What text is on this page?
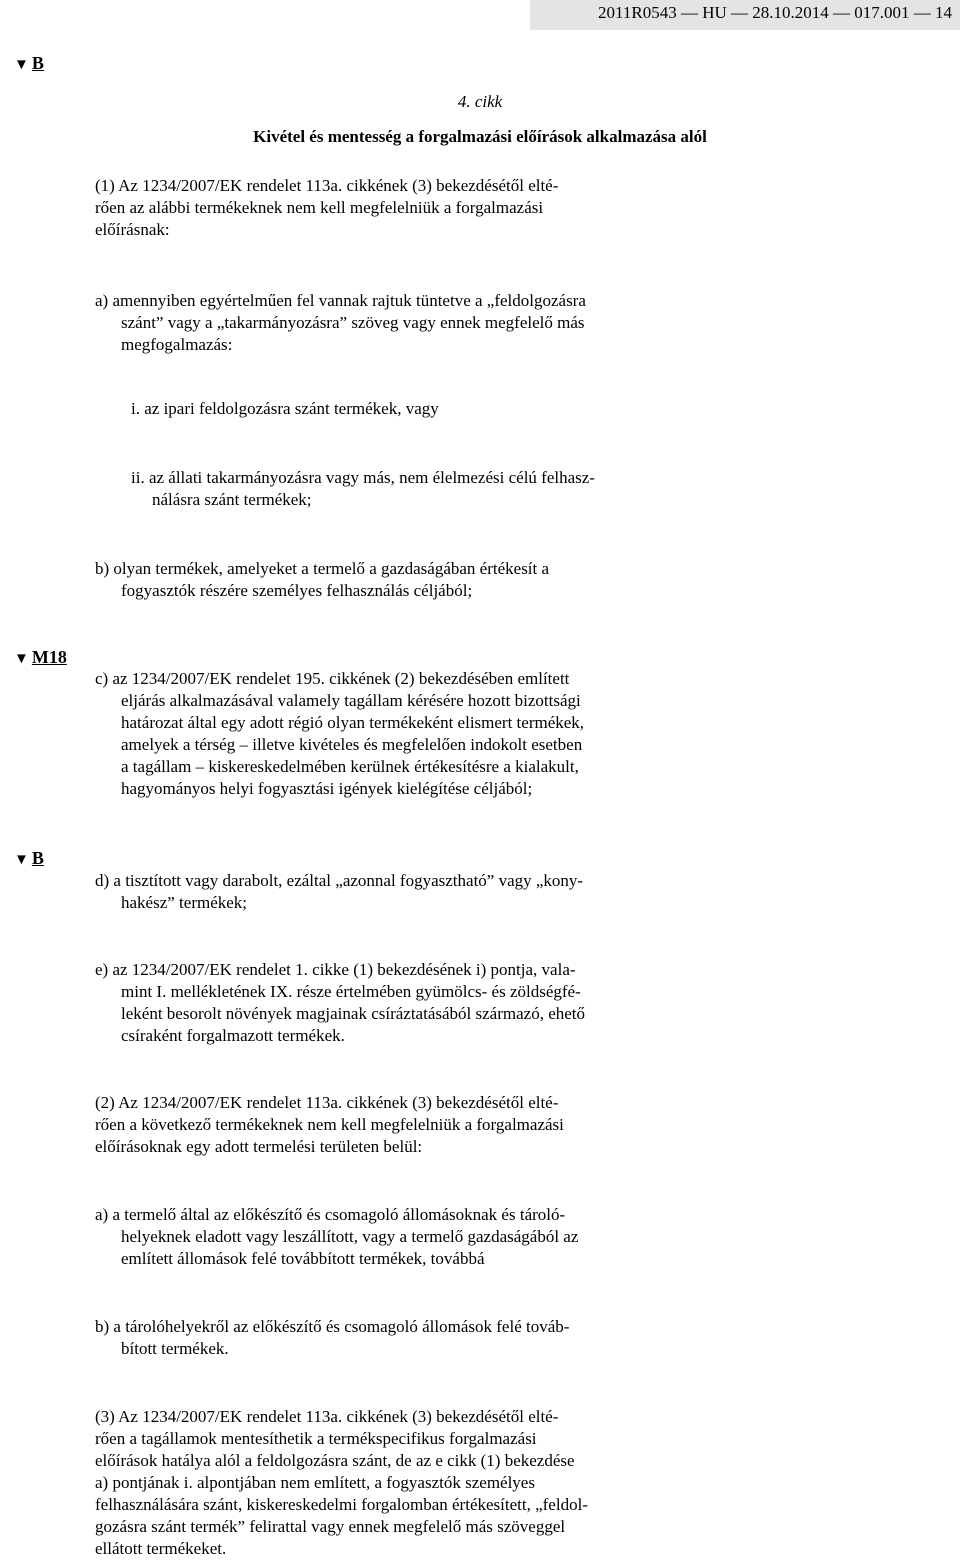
2011R0543 — HU — 28.10.2014 — 017.001 — 14
▼ B
4. cikk
Kivétel és mentesség a forgalmazási előírások alkalmazása alól
(1) Az 1234/2007/EK rendelet 113a. cikkének (3) bekezdésétől elté-
rően az alábbi termékeknek nem kell megfelelniük a forgalmazási
előírásnak:
a) amennyiben egyértelműen fel vannak rajtuk tüntetve a „feldolgozásra
szánt” vagy a „takarmányozásra” szöveg vagy ennek megfelelő más
megfogalmazás:
i. az ipari feldolgozásra szánt termékek, vagy
ii. az állati takarmányozásra vagy más, nem élelmezési célú felhasz-
nálásra szánt termékek;
b) olyan termékek, amelyeket a termelő a gazdaságában értékesít a
fogyasztók részére személyes felhasználás céljából;
▼ M18
c) az 1234/2007/EK rendelet 195. cikkének (2) bekezdésében említett
eljárás alkalmazásával valamely tagállam kérésére hozott bizottsági
határozat által egy adott régió olyan termékeként elismert termékek,
amelyek a térség – illetve kivételes és megfelelően indokolt esetben
a tagállam – kiskereskedelmében kerülnek értékesítésre a kialakult,
hagyományos helyi fogyasztási igények kielégítése céljából;
▼ B
d) a tisztított vagy darabolt, ezáltal „azonnal fogyasztható” vagy „kony-
hakész” termékek;
e) az 1234/2007/EK rendelet 1. cikke (1) bekezdésének i) pontja, vala-
mint I. mellékletének IX. része értelmében gyümölcs- és zöldségfé-
leként besorolt növények magjainak csíráztatásából származó, ehető
csíraként forgalmazott termékek.
(2) Az 1234/2007/EK rendelet 113a. cikkének (3) bekezdésétől elté-
rően a következő termékeknek nem kell megfelelniük a forgalmazási
előírásoknak egy adott termelési területen belül:
a) a termelő által az előkészítő és csomagoló állomásoknak és tároló-
helyeknek eladott vagy leszállított, vagy a termelő gazdaságából az
említett állomások felé továbbított termékek, továbbá
b) a tárolóhelyekről az előkészítő és csomagoló állomások felé továb-
bított termékek.
(3) Az 1234/2007/EK rendelet 113a. cikkének (3) bekezdésétől elté-
rően a tagállamok mentesíthetik a termékspecifikus forgalmazási
előírások hatálya alól a feldolgozásra szánt, de az e cikk (1) bekezdése
a) pontjának i. alpontjában nem említett, a fogyasztók személyes
felhasználására szánt, kiskereskedelmi forgalomban értékesített, „feldol-
gozásra szánt termék” felirattal vagy ennek megfelelő más szöveggel
ellátott termékeket.
